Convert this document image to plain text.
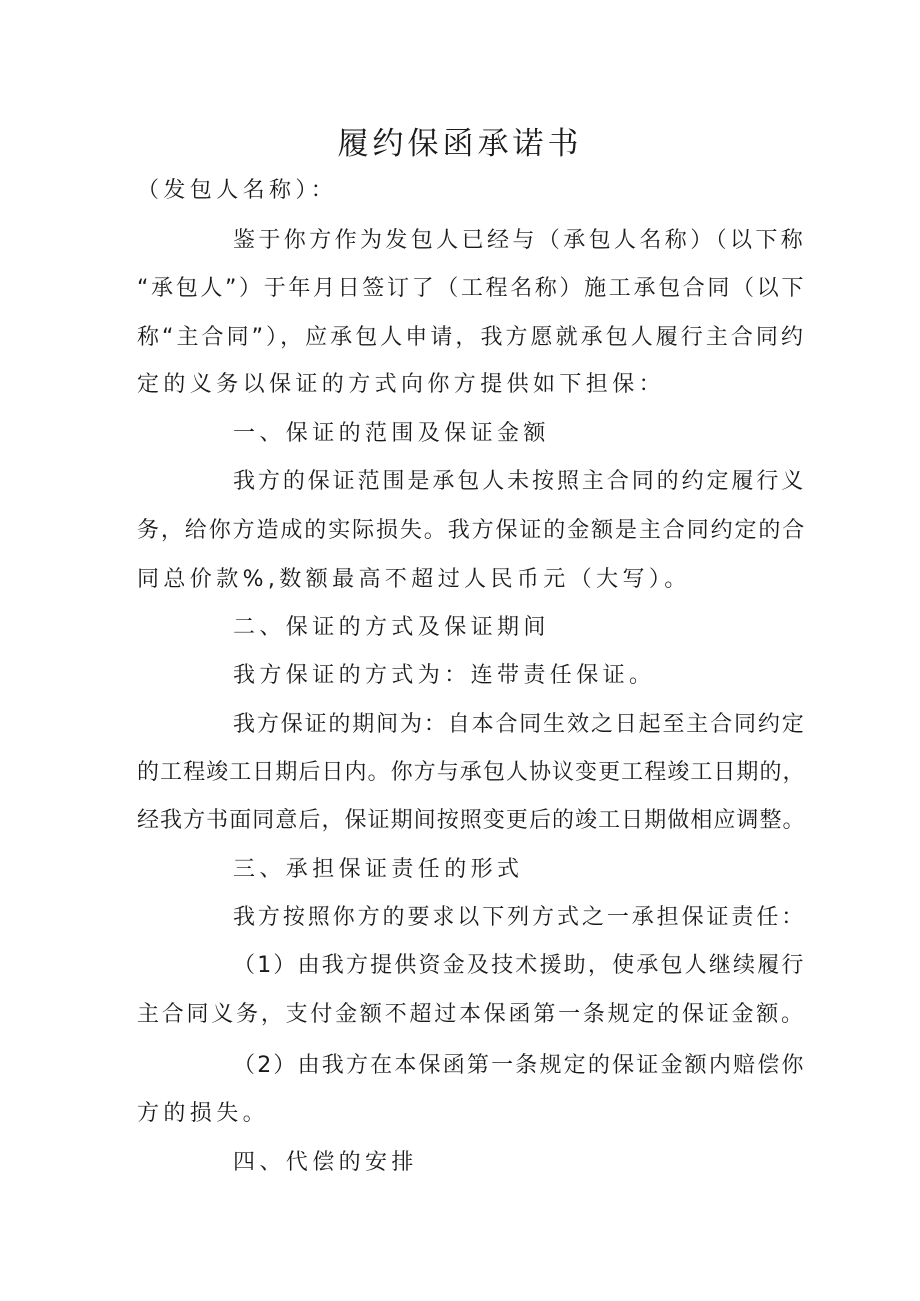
履约保函承诺书
（发包人名称）：
鉴于你方作为发包人已经与（承包人名称）（以下称
“承包人”）于年月日签订了（工程名称）施工承包合同（以下
称“主合同”），应承包人申请，我方愿就承包人履行主合同约
定的义务以保证的方式向你方提供如下担保：
一、保证的范围及保证金额
我方的保证范围是承包人未按照主合同的约定履行义
务，给你方造成的实际损失。我方保证的金额是主合同约定的合
同总价款%,数额最高不超过人民币元（大写）。
二、保证的方式及保证期间
我方保证的方式为：连带责任保证。
我方保证的期间为：自本合同生效之日起至主合同约定
的工程竣工日期后日内。你方与承包人协议变更工程竣工日期的，
经我方书面同意后，保证期间按照变更后的竣工日期做相应调整。
三、承担保证责任的形式
我方按照你方的要求以下列方式之一承担保证责任：
（1）由我方提供资金及技术援助，使承包人继续履行
主合同义务，支付金额不超过本保函第一条规定的保证金额。
（2）由我方在本保函第一条规定的保证金额内赔偿你
方的损失。
四、代偿的安排
